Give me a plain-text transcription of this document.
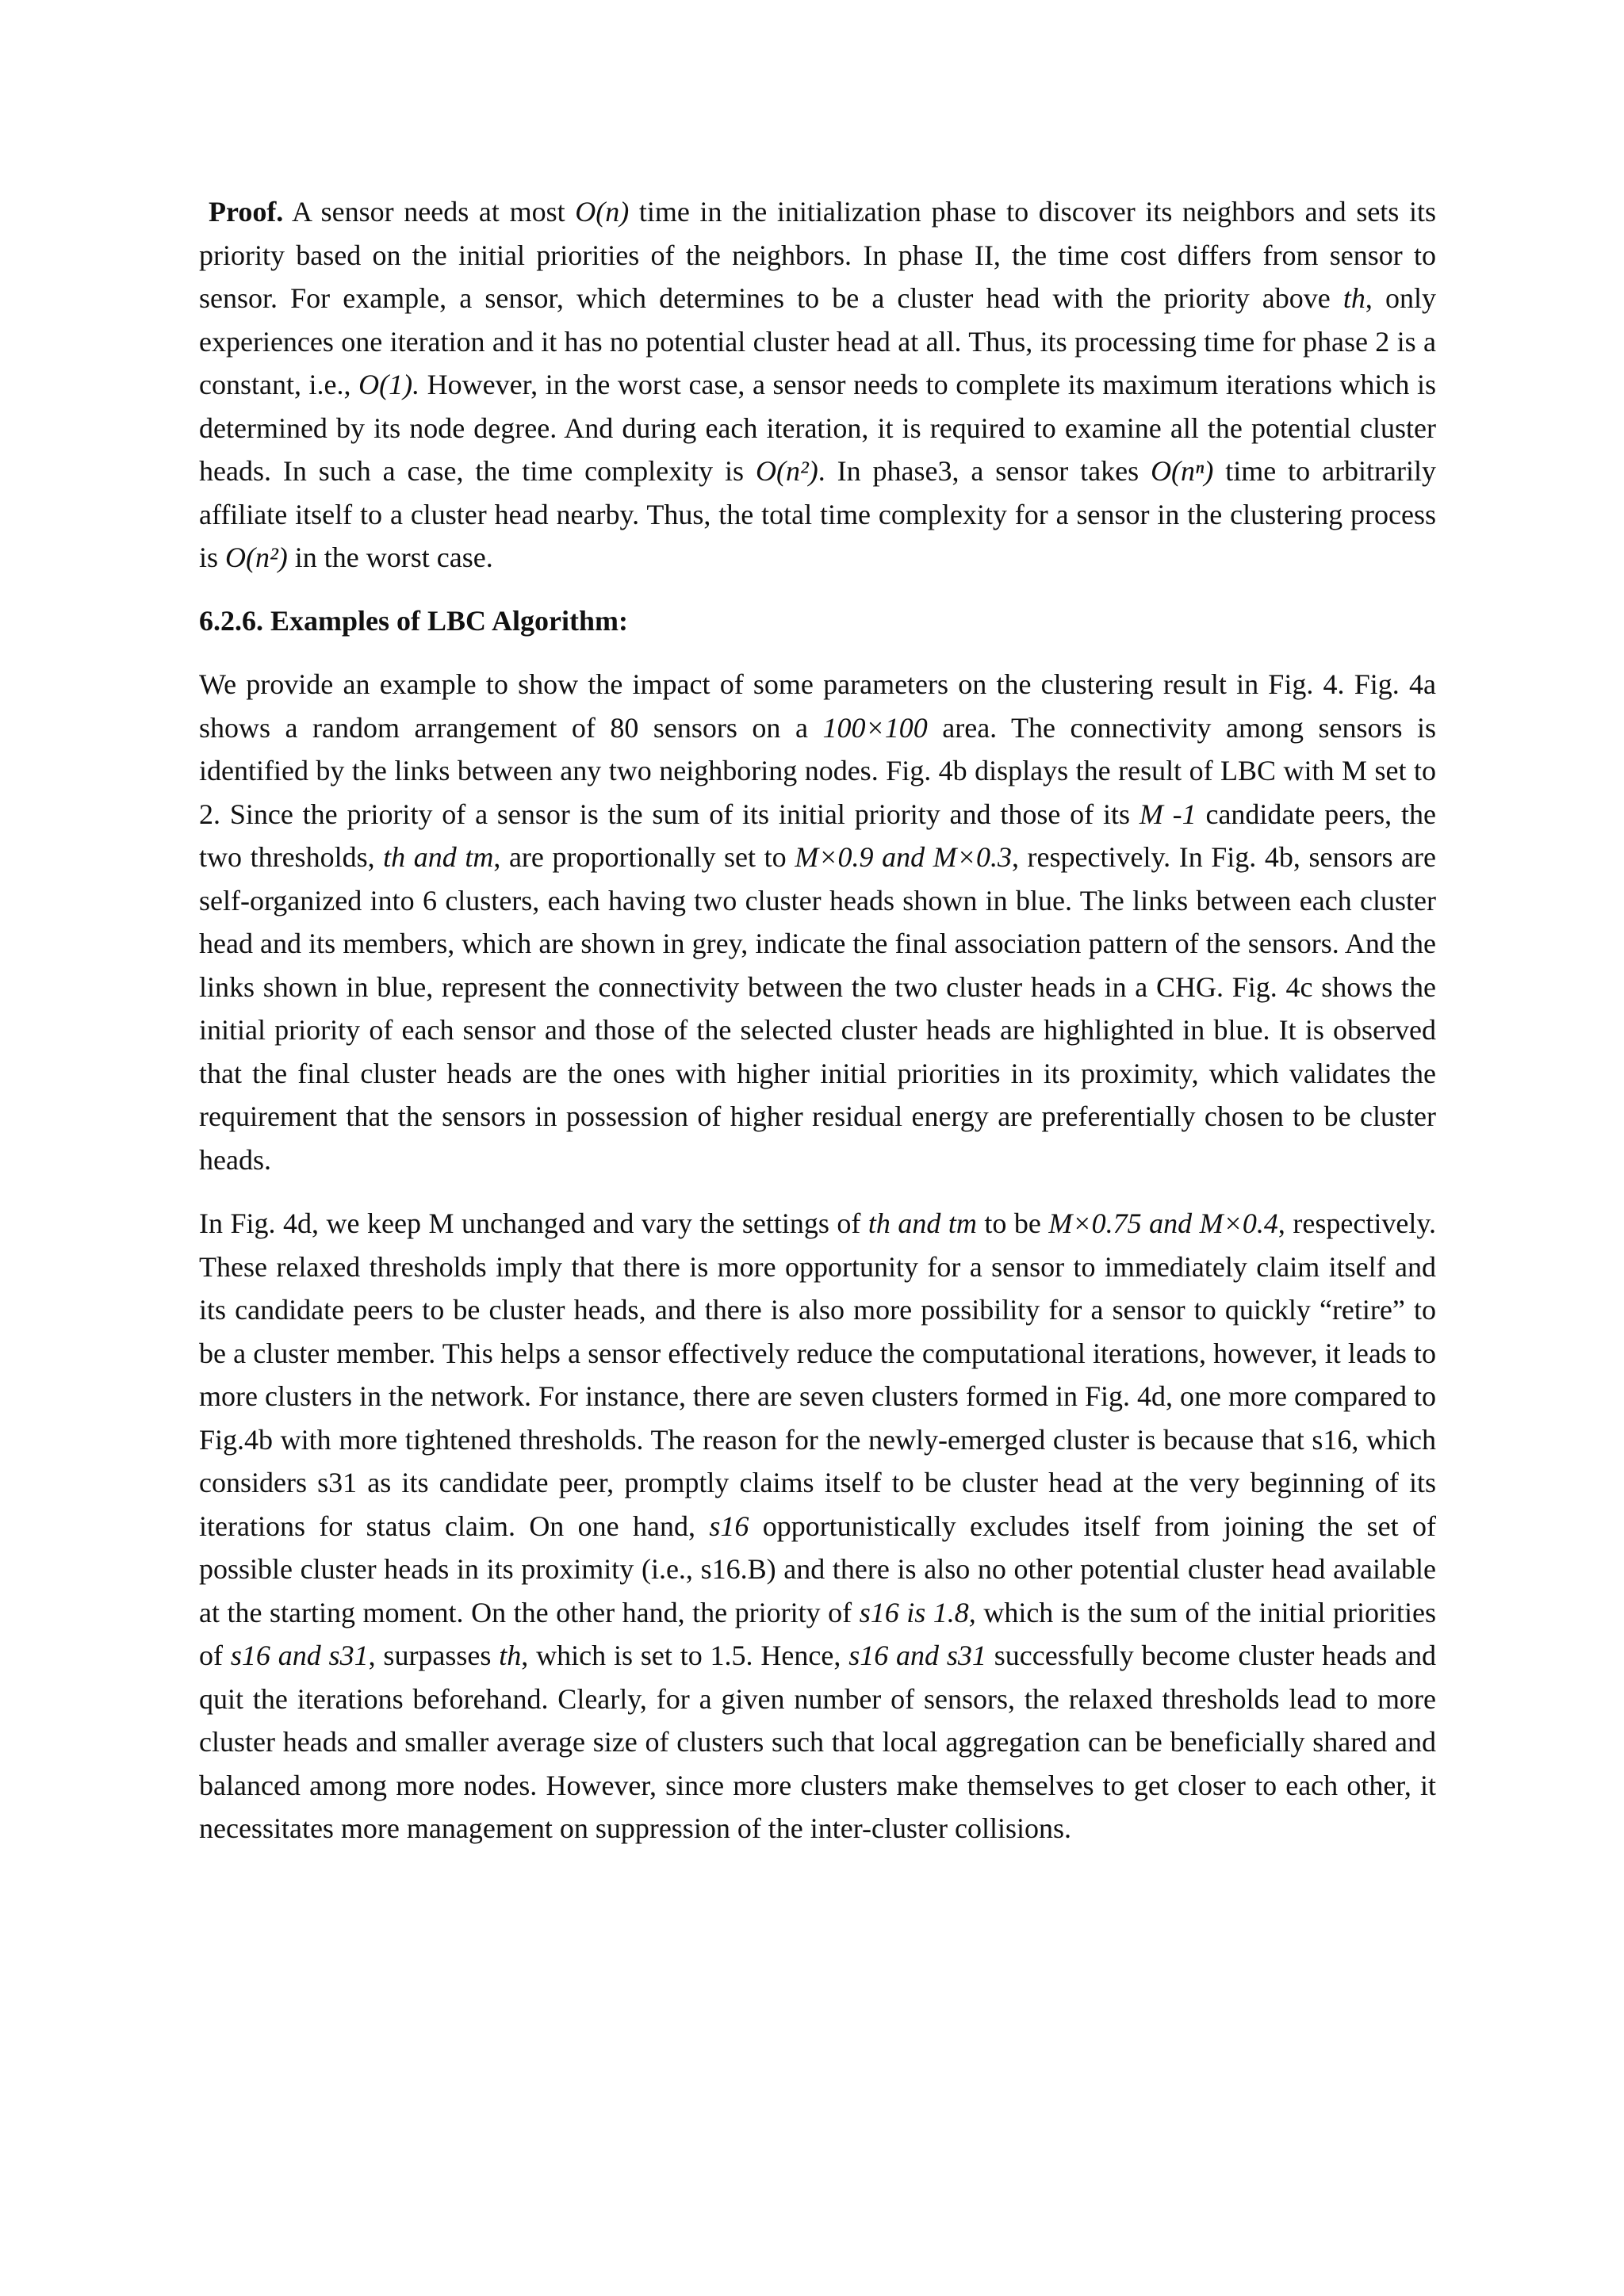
Proof. A sensor needs at most O(n) time in the initialization phase to discover its neighbors and sets its priority based on the initial priorities of the neighbors. In phase II, the time cost differs from sensor to sensor. For example, a sensor, which determines to be a cluster head with the priority above th, only experiences one iteration and it has no potential cluster head at all. Thus, its processing time for phase 2 is a constant, i.e., O(1). However, in the worst case, a sensor needs to complete its maximum iterations which is determined by its node degree. And during each iteration, it is required to examine all the potential cluster heads. In such a case, the time complexity is O(n²). In phase3, a sensor takes O(nⁿ) time to arbitrarily affiliate itself to a cluster head nearby. Thus, the total time complexity for a sensor in the clustering process is O(n²) in the worst case.

6.2.6. Examples of LBC Algorithm:

We provide an example to show the impact of some parameters on the clustering result in Fig. 4. Fig. 4a shows a random arrangement of 80 sensors on a 100×100 area. The connectivity among sensors is identified by the links between any two neighboring nodes. Fig. 4b displays the result of LBC with M set to 2. Since the priority of a sensor is the sum of its initial priority and those of its M -1 candidate peers, the two thresholds, th and tm, are proportionally set to M×0.9 and M×0.3, respectively. In Fig. 4b, sensors are self-organized into 6 clusters, each having two cluster heads shown in blue. The links between each cluster head and its members, which are shown in grey, indicate the final association pattern of the sensors. And the links shown in blue, represent the connectivity between the two cluster heads in a CHG. Fig. 4c shows the initial priority of each sensor and those of the selected cluster heads are highlighted in blue. It is observed that the final cluster heads are the ones with higher initial priorities in its proximity, which validates the requirement that the sensors in possession of higher residual energy are preferentially chosen to be cluster heads.

In Fig. 4d, we keep M unchanged and vary the settings of th and tm to be M×0.75 and M×0.4, respectively. These relaxed thresholds imply that there is more opportunity for a sensor to immediately claim itself and its candidate peers to be cluster heads, and there is also more possibility for a sensor to quickly “retire” to be a cluster member. This helps a sensor effectively reduce the computational iterations, however, it leads to more clusters in the network. For instance, there are seven clusters formed in Fig. 4d, one more compared to Fig.4b with more tightened thresholds. The reason for the newly-emerged cluster is because that s16, which considers s31 as its candidate peer, promptly claims itself to be cluster head at the very beginning of its iterations for status claim. On one hand, s16 opportunistically excludes itself from joining the set of possible cluster heads in its proximity (i.e., s16.B) and there is also no other potential cluster head available at the starting moment. On the other hand, the priority of s16 is 1.8, which is the sum of the initial priorities of s16 and s31, surpasses th, which is set to 1.5. Hence, s16 and s31 successfully become cluster heads and quit the iterations beforehand. Clearly, for a given number of sensors, the relaxed thresholds lead to more cluster heads and smaller average size of clusters such that local aggregation can be beneficially shared and balanced among more nodes. However, since more clusters make themselves to get closer to each other, it necessitates more management on suppression of the inter-cluster collisions.
